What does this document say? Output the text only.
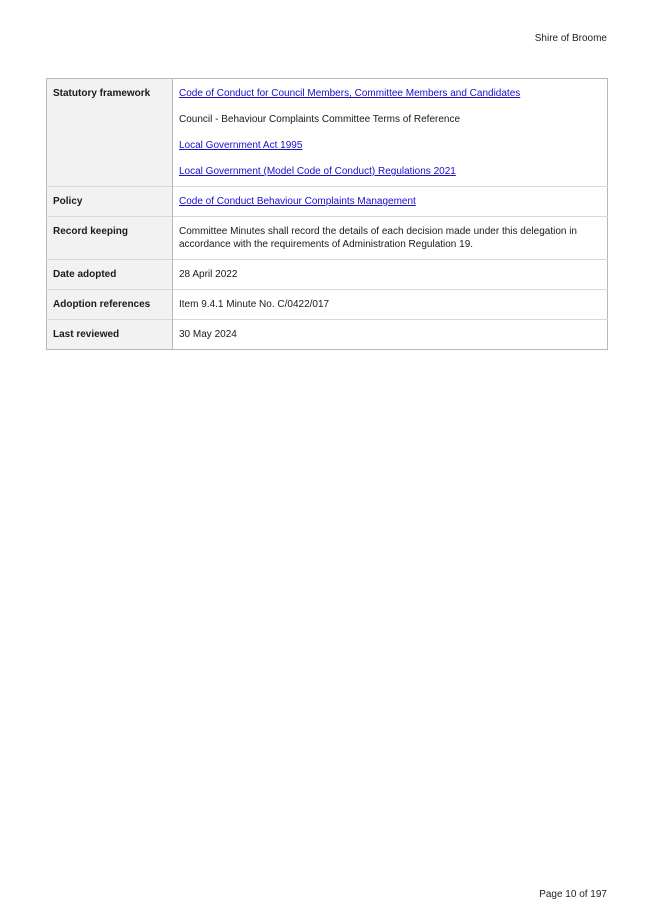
Shire of Broome
Statutory framework	Code of Conduct for Council Members, Committee Members and Candidates
Council - Behaviour Complaints Committee Terms of Reference
Local Government Act 1995
Local Government (Model Code of Conduct) Regulations 2021

Policy	Code of Conduct Behaviour Complaints Management
Record keeping	Committee Minutes shall record the details of each decision made under this delegation in accordance with the requirements of Administration Regulation 19.
Date adopted	28 April 2022
Adoption references	Item 9.4.1 Minute No. C/0422/017
Last reviewed	30 May 2024
Page 10 of 197
